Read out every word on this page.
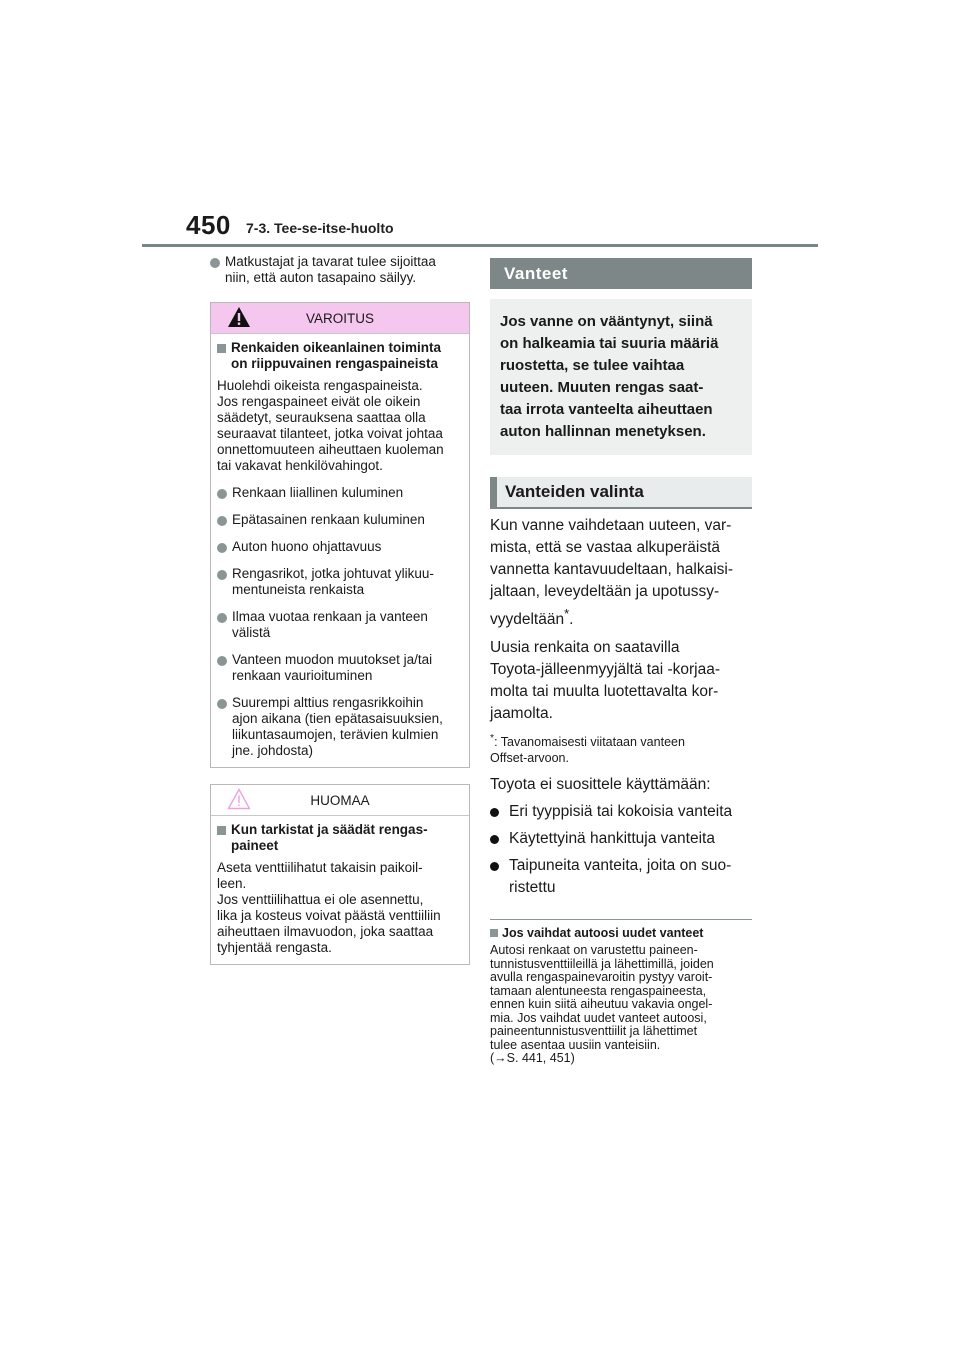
450 7-3. Tee-se-itse-huolto
Matkustajat ja tavarat tulee sijoittaa
niin, että auton tasapaino säilyy.
VAROITUS
Renkaiden oikeanlainen toiminta
on riippuvainen rengaspaineista
Huolehdi oikeista rengaspaineista.
Jos rengaspaineet eivät ole oikein
säädetyt, seurauksena saattaa olla
seuraavat tilanteet, jotka voivat johtaa
onnettomuuteen aiheuttaen kuoleman
tai vakavat henkilövahingot.
Renkaan liiallinen kuluminen
Epätasainen renkaan kuluminen
Auton huono ohjattavuus
Rengasrikot, jotka johtuvat ylikuu-
mentuneista renkaista
Ilmaa vuotaa renkaan ja vanteen
välistä
Vanteen muodon muutokset ja/tai
renkaan vaurioituminen
Suurempi alttius rengasrikkoihin
ajon aikana (tien epätasaisuuksien,
liikuntasaumojen, terävien kulmien
jne. johdosta)
HUOMAA
Kun tarkistat ja säädät rengas-
paineet
Aseta venttiilihatut takaisin paikoil-
leen.
Jos venttiilihattua ei ole asennettu,
lika ja kosteus voivat päästä venttiiliin
aiheuttaen ilmavuodon, joka saattaa
tyhjentää rengasta.
Vanteet
Jos vanne on vääntynyt, siinä
on halkeamia tai suuria määriä
ruostetta, se tulee vaihtaa
uuteen. Muuten rengas saat-
taa irrota vanteelta aiheuttaen
auton hallinnan menetyksen.
Vanteiden valinta
Kun vanne vaihdetaan uuteen, var-
mista, että se vastaa alkuperäistä
vannetta kantavuudeltaan, halkaisi-
jaltaan, leveydeltään ja upotussy-
vyydeltään*.
Uusia renkaita on saatavilla
Toyota-jälleenmyyjältä tai -korjaa-
molta tai muulta luotettavalta kor-
jaamolta.
*: Tavanomaisesti viitataan vanteen
Offset-arvoon.
Toyota ei suosittele käyttämään:
Eri tyyppisiä tai kokoisia vanteita
Käytettyinä hankittuja vanteita
Taipuneita vanteita, joita on suo-
ristettu
Jos vaihdat autoosi uudet vanteet
Autosi renkaat on varustettu paineen-
tunnistusventtiileillä ja lähettimillä, joiden
avulla rengaspainevaroitin pystyy varoit-
tamaan alentuneesta rengaspaineesta,
ennen kuin siitä aiheutuu vakavia ongel-
mia. Jos vaihdat uudet vanteet autoosi,
paineentunnistusventtiilit ja lähettimet
tulee asentaa uusiin vanteisiin.
(→S. 441, 451)
